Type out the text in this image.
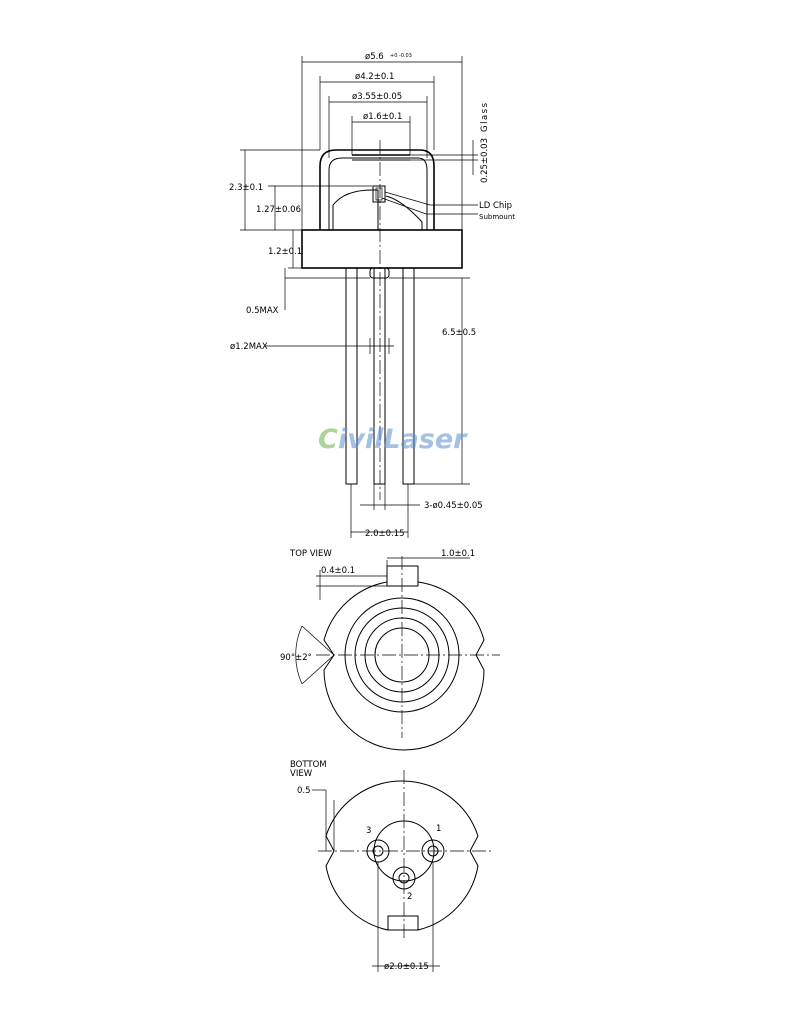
ø5.6 +0 -0.03
ø4.2±0.1
ø3.55±0.05
ø1.6±0.1
0.25±0.03
Glass
LD Chip
Submount
2.3±0.1
1.27±0.06
1.2±0.1
0.5MAX
ø1.2MAX
6.5±0.5
3-ø0.45±0.05
2.0±0.15
C ivilLaser
TOP VIEW	1.0±0.1
0.4±0.1
90°±2°
BOTTOM
VIEW
3	1
2
0.5
ø2.0±0.15
